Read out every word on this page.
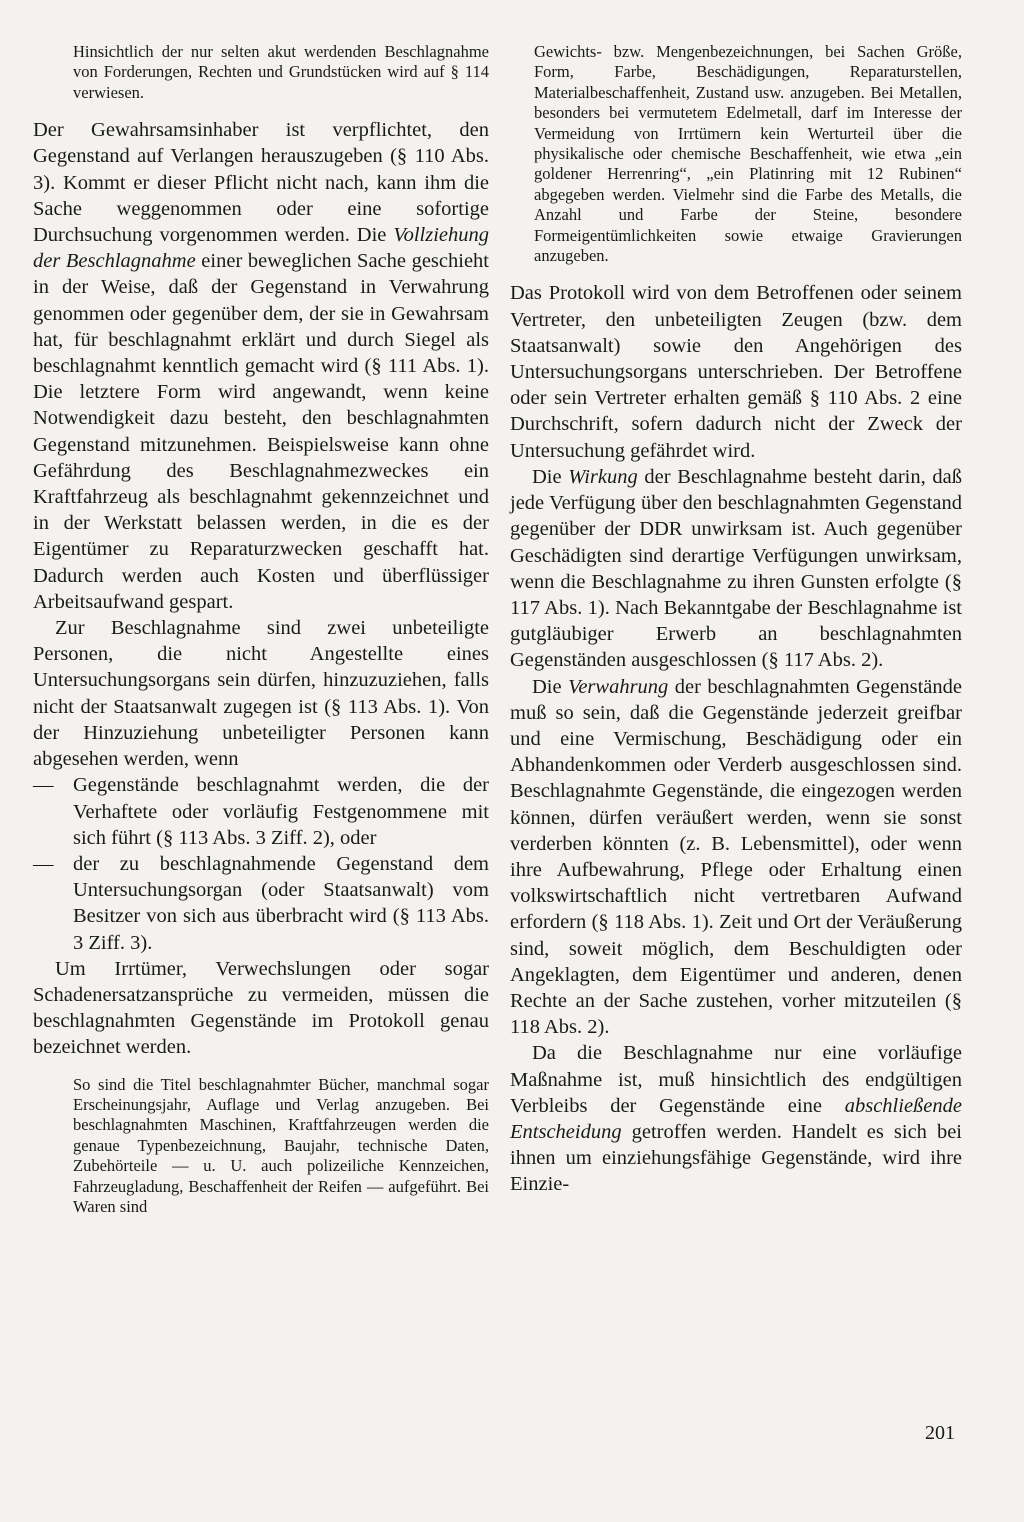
Hinsichtlich der nur selten akut werdenden Beschlagnahme von Forderungen, Rechten und Grundstücken wird auf § 114 verwiesen.

Der Gewahrsamsinhaber ist verpflichtet, den Gegenstand auf Verlangen herauszugeben (§ 110 Abs. 3). Kommt er dieser Pflicht nicht nach, kann ihm die Sache weggenommen oder eine sofortige Durchsuchung vorgenommen werden. Die Vollziehung der Beschlagnahme einer beweglichen Sache geschieht in der Weise, daß der Gegenstand in Verwahrung genommen oder gegenüber dem, der sie in Gewahrsam hat, für beschlagnahmt erklärt und durch Siegel als beschlagnahmt kenntlich gemacht wird (§ 111 Abs. 1). Die letztere Form wird angewandt, wenn keine Notwendigkeit dazu besteht, den beschlagnahmten Gegenstand mitzunehmen. Beispielsweise kann ohne Gefährdung des Beschlagnahmezweckes ein Kraftfahrzeug als beschlagnahmt gekennzeichnet und in der Werkstatt belassen werden, in die es der Eigentümer zu Reparaturzwecken geschafft hat. Dadurch werden auch Kosten und überflüssiger Arbeitsaufwand gespart.

Zur Beschlagnahme sind zwei unbeteiligte Personen, die nicht Angestellte eines Untersuchungsorgans sein dürfen, hinzuzuziehen, falls nicht der Staatsanwalt zugegen ist (§ 113 Abs. 1). Von der Hinzuziehung unbeteiligter Personen kann abgesehen werden, wenn

— Gegenstände beschlagnahmt werden, die der Verhaftete oder vorläufig Festgenommene mit sich führt (§ 113 Abs. 3 Ziff. 2), oder
— der zu beschlagnahmende Gegenstand dem Untersuchungsorgan (oder Staatsanwalt) vom Besitzer von sich aus überbracht wird (§ 113 Abs. 3 Ziff. 3).

Um Irrtümer, Verwechslungen oder sogar Schadenersatzansprüche zu vermeiden, müssen die beschlagnahmten Gegenstände im Protokoll genau bezeichnet werden.

So sind die Titel beschlagnahmter Bücher, manchmal sogar Erscheinungsjahr, Auflage und Verlag anzugeben. Bei beschlagnahmten Maschinen, Kraftfahrzeugen werden die genaue Typenbezeichnung, Baujahr, technische Daten, Zubehörteile — u. U. auch polizeiliche Kennzeichen, Fahrzeugladung, Beschaffenheit der Reifen — aufgeführt. Bei Waren sind

Gewichts- bzw. Mengenbezeichnungen, bei Sachen Größe, Form, Farbe, Beschädigungen, Reparaturstellen, Materialbeschaffenheit, Zustand usw. anzugeben. Bei Metallen, besonders bei vermutetem Edelmetall, darf im Interesse der Vermeidung von Irrtümern kein Werturteil über die physikalische oder chemische Beschaffenheit, wie etwa „ein goldener Herrenring“, „ein Platinring mit 12 Rubinen“ abgegeben werden. Vielmehr sind die Farbe des Metalls, die Anzahl und Farbe der Steine, besondere Formeigentümlichkeiten sowie etwaige Gravierungen anzugeben.

Das Protokoll wird von dem Betroffenen oder seinem Vertreter, den unbeteiligten Zeugen (bzw. dem Staatsanwalt) sowie den Angehörigen des Untersuchungsorgans unterschrieben. Der Betroffene oder sein Vertreter erhalten gemäß § 110 Abs. 2 eine Durchschrift, sofern dadurch nicht der Zweck der Untersuchung gefährdet wird.

Die Wirkung der Beschlagnahme besteht darin, daß jede Verfügung über den beschlagnahmten Gegenstand gegenüber der DDR unwirksam ist. Auch gegenüber Geschädigten sind derartige Verfügungen unwirksam, wenn die Beschlagnahme zu ihren Gunsten erfolgte (§ 117 Abs. 1). Nach Bekanntgabe der Beschlagnahme ist gutgläubiger Erwerb an beschlagnahmten Gegenständen ausgeschlossen (§ 117 Abs. 2).

Die Verwahrung der beschlagnahmten Gegenstände muß so sein, daß die Gegenstände jederzeit greifbar und eine Vermischung, Beschädigung oder ein Abhandenkommen oder Verderb ausgeschlossen sind. Beschlagnahmte Gegenstände, die eingezogen werden können, dürfen veräußert werden, wenn sie sonst verderben könnten (z. B. Lebensmittel), oder wenn ihre Aufbewahrung, Pflege oder Erhaltung einen volkswirtschaftlich nicht vertretbaren Aufwand erfordern (§ 118 Abs. 1). Zeit und Ort der Veräußerung sind, soweit möglich, dem Beschuldigten oder Angeklagten, dem Eigentümer und anderen, denen Rechte an der Sache zustehen, vorher mitzuteilen (§ 118 Abs. 2).

Da die Beschlagnahme nur eine vorläufige Maßnahme ist, muß hinsichtlich des endgültigen Verbleibs der Gegenstände eine abschließende Entscheidung getroffen werden. Handelt es sich bei ihnen um einziehungsfähige Gegenstände, wird ihre Einzie-

201
